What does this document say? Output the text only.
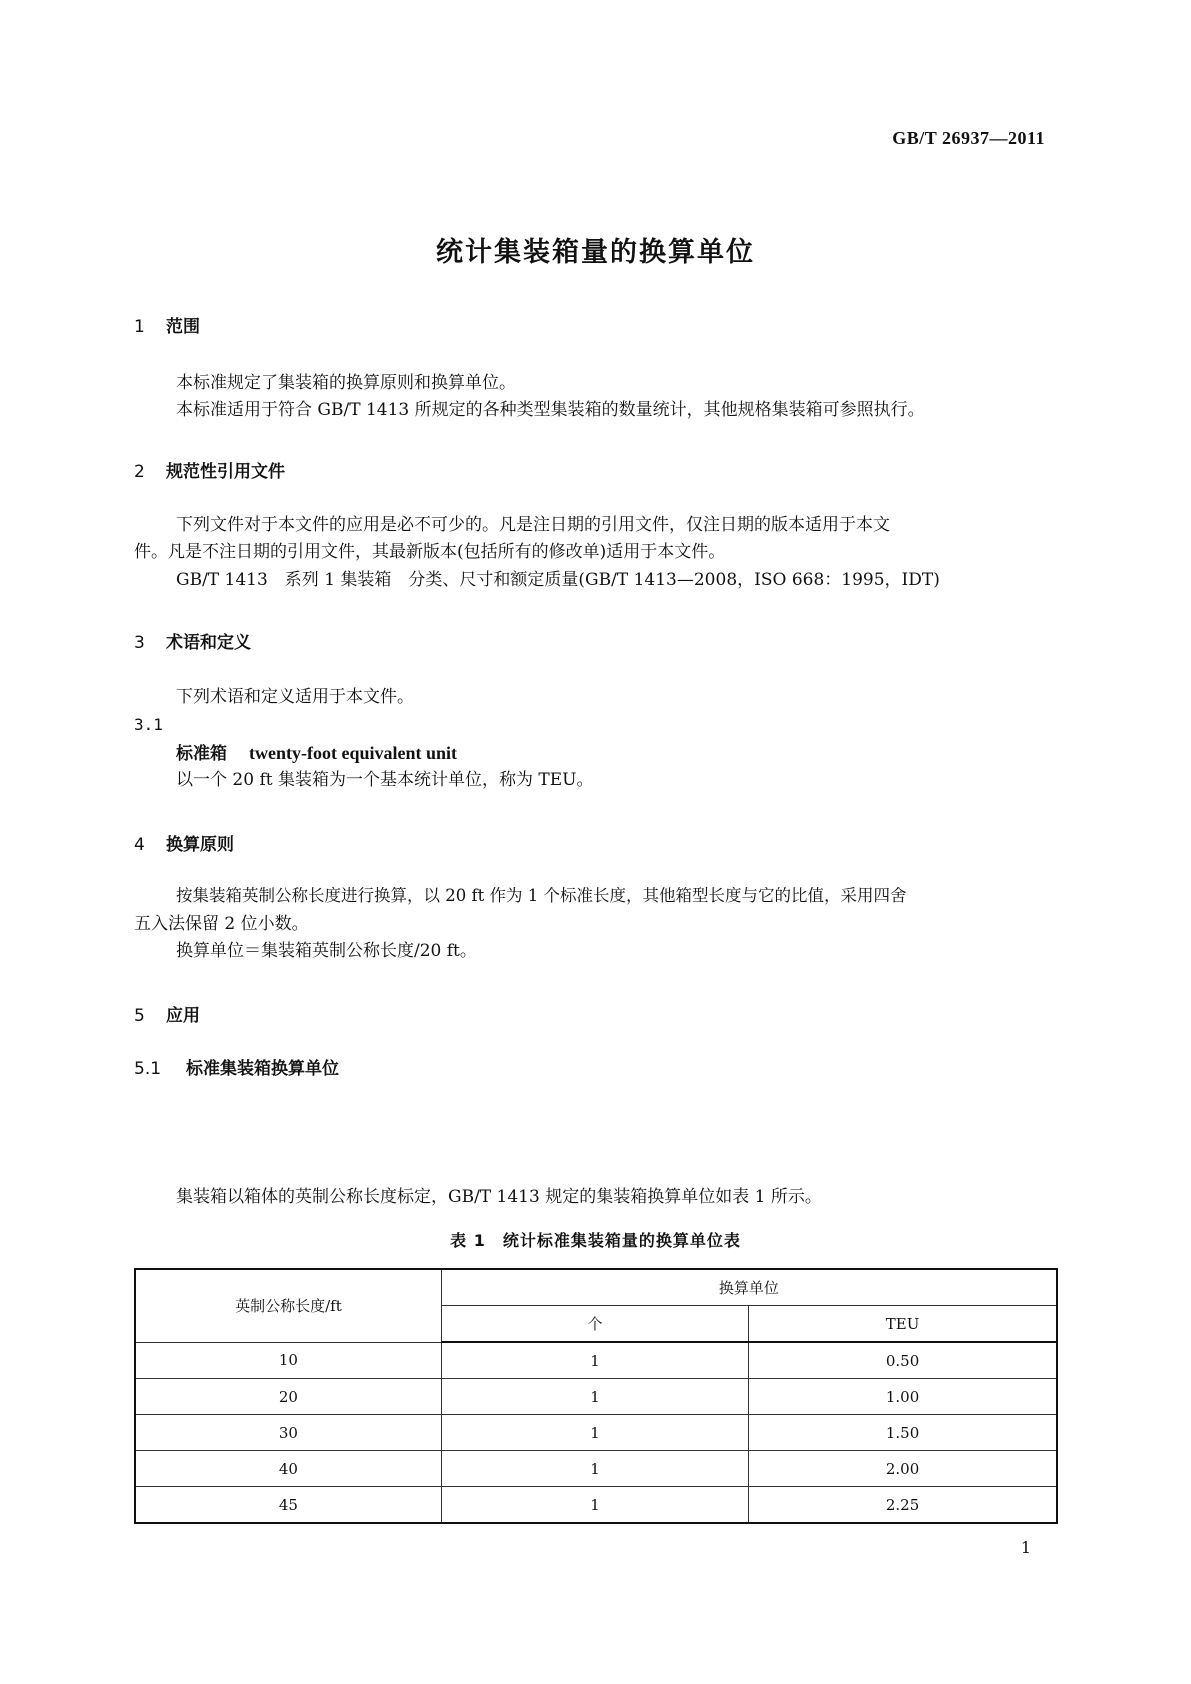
GB/T 26937—2011
统计集装箱量的换算单位
1 范围
本标准规定了集装箱的换算原则和换算单位。
本标准适用于符合 GB/T 1413 所规定的各种类型集装箱的数量统计，其他规格集装箱可参照执行。
2 规范性引用文件
下列文件对于本文件的应用是必不可少的。凡是注日期的引用文件，仅注日期的版本适用于本文
件。凡是不注日期的引用文件，其最新版本(包括所有的修改单)适用于本文件。
GB/T 1413　系列 1 集装箱　分类、尺寸和额定质量(GB/T 1413—2008，ISO 668：1995，IDT)
3 术语和定义
下列术语和定义适用于本文件。
3.1
标准箱 twenty-foot equivalent unit
以一个 20 ft 集装箱为一个基本统计单位，称为 TEU。
4 换算原则
按集装箱英制公称长度进行换算，以 20 ft 作为 1 个标准长度，其他箱型长度与它的比值，采用四舍
五入法保留 2 位小数。
换算单位＝集装箱英制公称长度/20 ft。
5 应用
5.1 标准集装箱换算单位
集装箱以箱体的英制公称长度标定，GB/T 1413 规定的集装箱换算单位如表 1 所示。
表 1　统计标准集装箱量的换算单位表
英制公称长度/ft	换算单位	
	个	TEU
10	1	0.50
20	1	1.00
30	1	1.50
40	1	2.00
45	1	2.25
1
